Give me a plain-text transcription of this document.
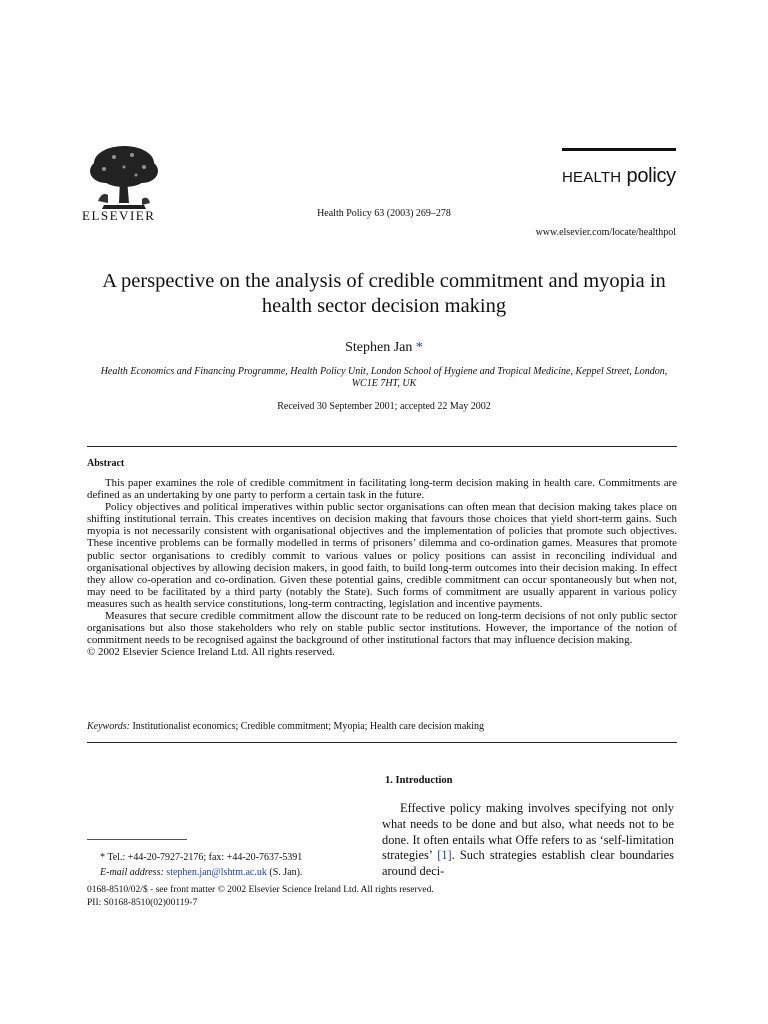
ELSEVIER	Health Policy 63 (2003) 269–278
HEALTH policy
www.elsevier.com/locate/healthpol
A perspective on the analysis of credible commitment and myopia in health sector decision making
Stephen Jan *
Health Economics and Financing Programme, Health Policy Unit, London School of Hygiene and Tropical Medicine, Keppel Street, London, WC1E 7HT, UK
Received 30 September 2001; accepted 22 May 2002
Abstract

This paper examines the role of credible commitment in facilitating long-term decision making in health care. Commitments are defined as an undertaking by one party to perform a certain task in the future.

Policy objectives and political imperatives within public sector organisations can often mean that decision making takes place on shifting institutional terrain. This creates incentives on decision making that favours those choices that yield short-term gains. Such myopia is not necessarily consistent with organisational objectives and the implementation of policies that promote such objectives. These incentive problems can be formally modelled in terms of prisoners’ dilemma and co-ordination games. Measures that promote public sector organisations to credibly commit to various values or policy positions can assist in reconciling individual and organisational objectives by allowing decision makers, in good faith, to build long-term outcomes into their decision making. In effect they allow co-operation and co-ordination. Given these potential gains, credible commitment can occur spontaneously but when not, may need to be facilitated by a third party (notably the State). Such forms of commitment are usually apparent in various policy measures such as health service constitutions, long-term contracting, legislation and incentive payments.

Measures that secure credible commitment allow the discount rate to be reduced on long-term decisions of not only public sector organisations but also those stakeholders who rely on stable public sector institutions. However, the importance of the notion of commitment needs to be recognised against the background of other institutional factors that may influence decision making.

© 2002 Elsevier Science Ireland Ltd. All rights reserved.

Keywords: Institutionalist economics; Credible commitment; Myopia; Health care decision making
1. Introduction

Effective policy making involves specifying not only what needs to be done and but also, what needs not to be done. It often entails what Offe refers to as ‘self-limitation strategies’ [1]. Such strategies establish clear boundaries around deci-

* Tel.: +44-20-7927-2176; fax: +44-20-7637-5391
E-mail address: stephen.jan@lshtm.ac.uk (S. Jan).
0168-8510/02/$ - see front matter © 2002 Elsevier Science Ireland Ltd. All rights reserved.
PII: S0168-8510(02)00119-7
